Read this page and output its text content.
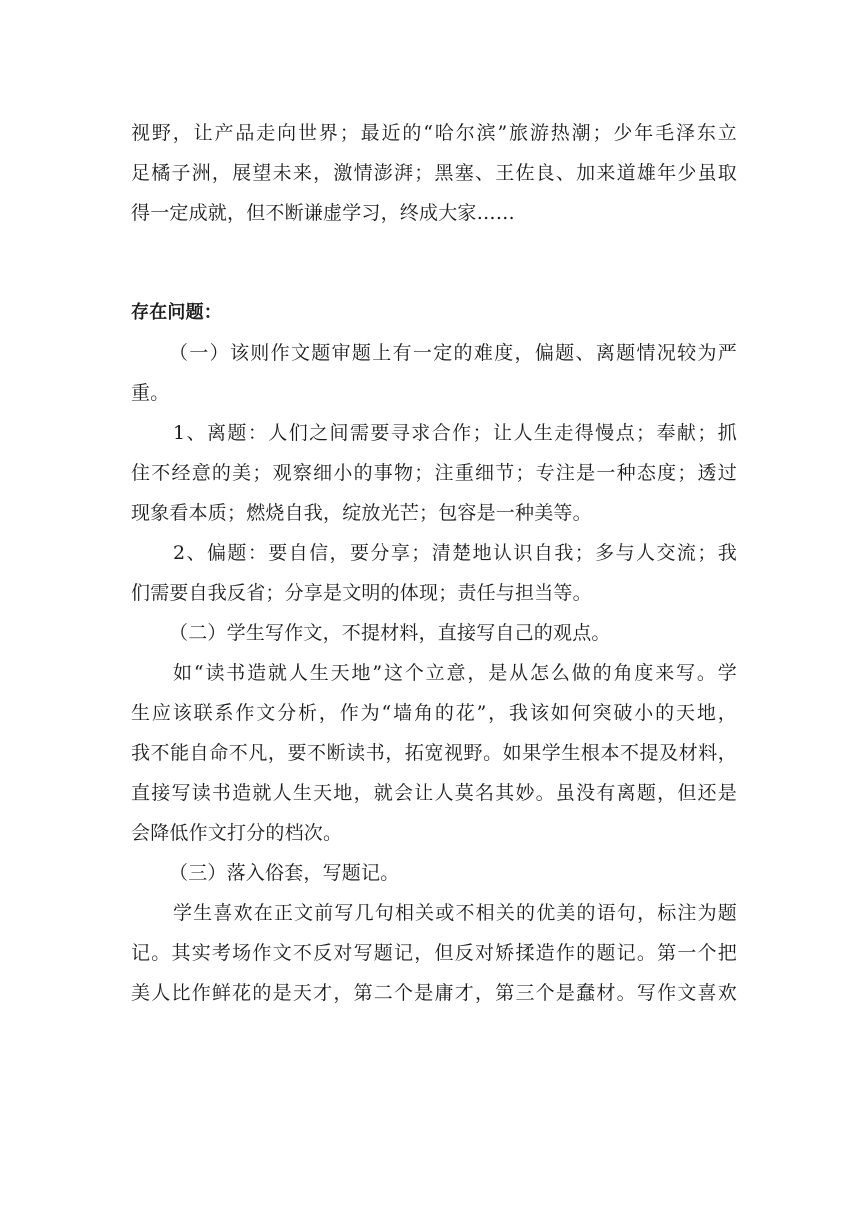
视野，让产品走向世界；最近的“哈尔滨”旅游热潮；少年毛泽东立
足橘子洲，展望未来，激情澎湃；黑塞、王佐良、加来道雄年少虽取
得一定成就，但不断谦虚学习，终成大家……
存在问题：
（一）该则作文题审题上有一定的难度，偏题、离题情况较为严
重。
1、离题：人们之间需要寻求合作；让人生走得慢点；奉献；抓
住不经意的美；观察细小的事物；注重细节；专注是一种态度；透过
现象看本质；燃烧自我，绽放光芒；包容是一种美等。
2、偏题：要自信，要分享；清楚地认识自我；多与人交流；我
们需要自我反省；分享是文明的体现；责任与担当等。
（二）学生写作文，不提材料，直接写自己的观点。
如“读书造就人生天地”这个立意，是从怎么做的角度来写。学
生应该联系作文分析，作为“墙角的花”，我该如何突破小的天地，
我不能自命不凡，要不断读书，拓宽视野。如果学生根本不提及材料，
直接写读书造就人生天地，就会让人莫名其妙。虽没有离题，但还是
会降低作文打分的档次。
（三）落入俗套，写题记。
学生喜欢在正文前写几句相关或不相关的优美的语句，标注为题
记。其实考场作文不反对写题记，但反对矫揉造作的题记。第一个把
美人比作鲜花的是天才，第二个是庸才，第三个是蠢材。写作文喜欢
